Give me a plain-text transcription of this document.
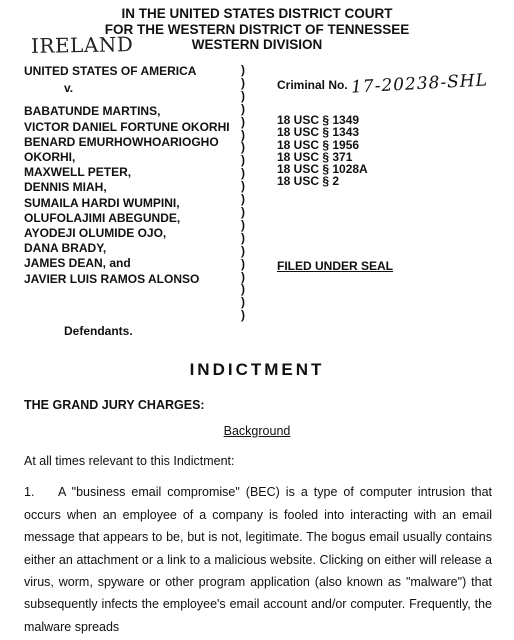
IN THE UNITED STATES DISTRICT COURT
FOR THE WESTERN DISTRICT OF TENNESSEE
WESTERN DIVISION
IRELAND
UNITED STATES OF AMERICA
v.
BABATUNDE MARTINS,
VICTOR DANIEL FORTUNE OKORHI
BENARD EMURHOWHOARIOGHO
OKORHI,
MAXWELL PETER,
DENNIS MIAH,
SUMAILA HARDI WUMPINI,
OLUFOLAJIMI ABEGUNDE,
AYODEJI OLUMIDE OJO,
DANA BRADY,
JAMES DEAN, and
JAVIER LUIS RAMOS ALONSO
Defendants.
)
)
)
)
)
)
)
)
)
)
)
)
)
)
)
)
)
)
)
)
Criminal No. 17-20238-SHL
18 USC § 1349
18 USC § 1343
18 USC § 1956
18 USC § 371
18 USC § 1028A
18 USC § 2
FILED UNDER SEAL
INDICTMENT
THE GRAND JURY CHARGES:
Background

At all times relevant to this Indictment:

1. A "business email compromise" (BEC) is a type of computer intrusion that occurs when an employee of a company is fooled into interacting with an email message that appears to be, but is not, legitimate. The bogus email usually contains either an attachment or a link to a malicious website. Clicking on either will release a virus, worm, spyware or other program application (also known as "malware") that subsequently infects the employee's email account and/or computer. Frequently, the malware spreads
